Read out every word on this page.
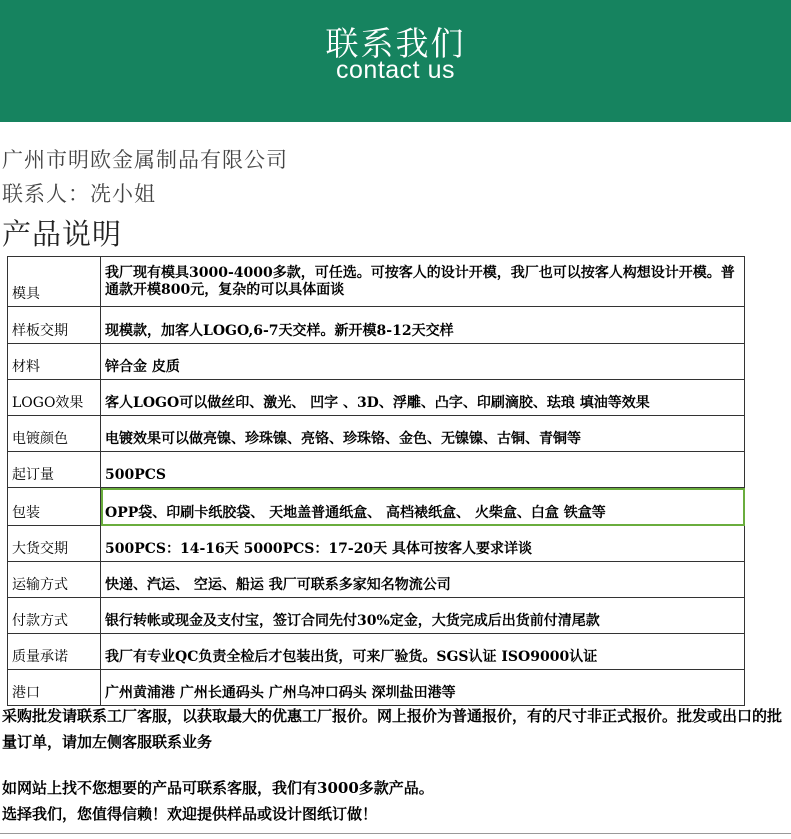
联系我们
contact us
广州市明欧金属制品有限公司
联系人：冼小姐
产品说明
模具	我厂现有模具3000-4000多款，可任选。可按客人的设计开模，我厂也可以按客人构想设计开模。普通款开模800元，复杂的可以具体面谈
样板交期	现模款，加客人LOGO,6-7天交样。新开模8-12天交样
材料	锌合金 皮质
LOGO效果	客人LOGO可以做丝印、激光、 凹字 、3D、浮雕、凸字、印刷滴胶、珐琅 填油等效果
电镀颜色	电镀效果可以做亮镍、珍珠镍、亮铬、珍珠铬、金色、无镍镍、古铜、青铜等
起订量	500PCS
包装	OPP袋、印刷卡纸胶袋、 天地盖普通纸盒、 高档裱纸盒、 火柴盒、白盒 铁盒等
大货交期	500PCS：14-16天 5000PCS：17-20天 具体可按客人要求详谈
运输方式	快递、汽运、 空运、船运 我厂可联系多家知名物流公司
付款方式	银行转帐或现金及支付宝，签订合同先付30%定金，大货完成后出货前付清尾款
质量承诺	我厂有专业QC负责全检后才包装出货，可来厂验货。SGS认证 ISO9000认证
港口	广州黄浦港 广州长通码头 广州乌冲口码头 深圳盐田港等
采购批发请联系工厂客服，以获取最大的优惠工厂报价。网上报价为普通报价，有的尺寸非正式报价。批发或出口的批量订单，请加左侧客服联系业务
如网站上找不您想要的产品可联系客服，我们有3000多款产品。
选择我们，您值得信赖！欢迎提供样品或设计图纸订做！
